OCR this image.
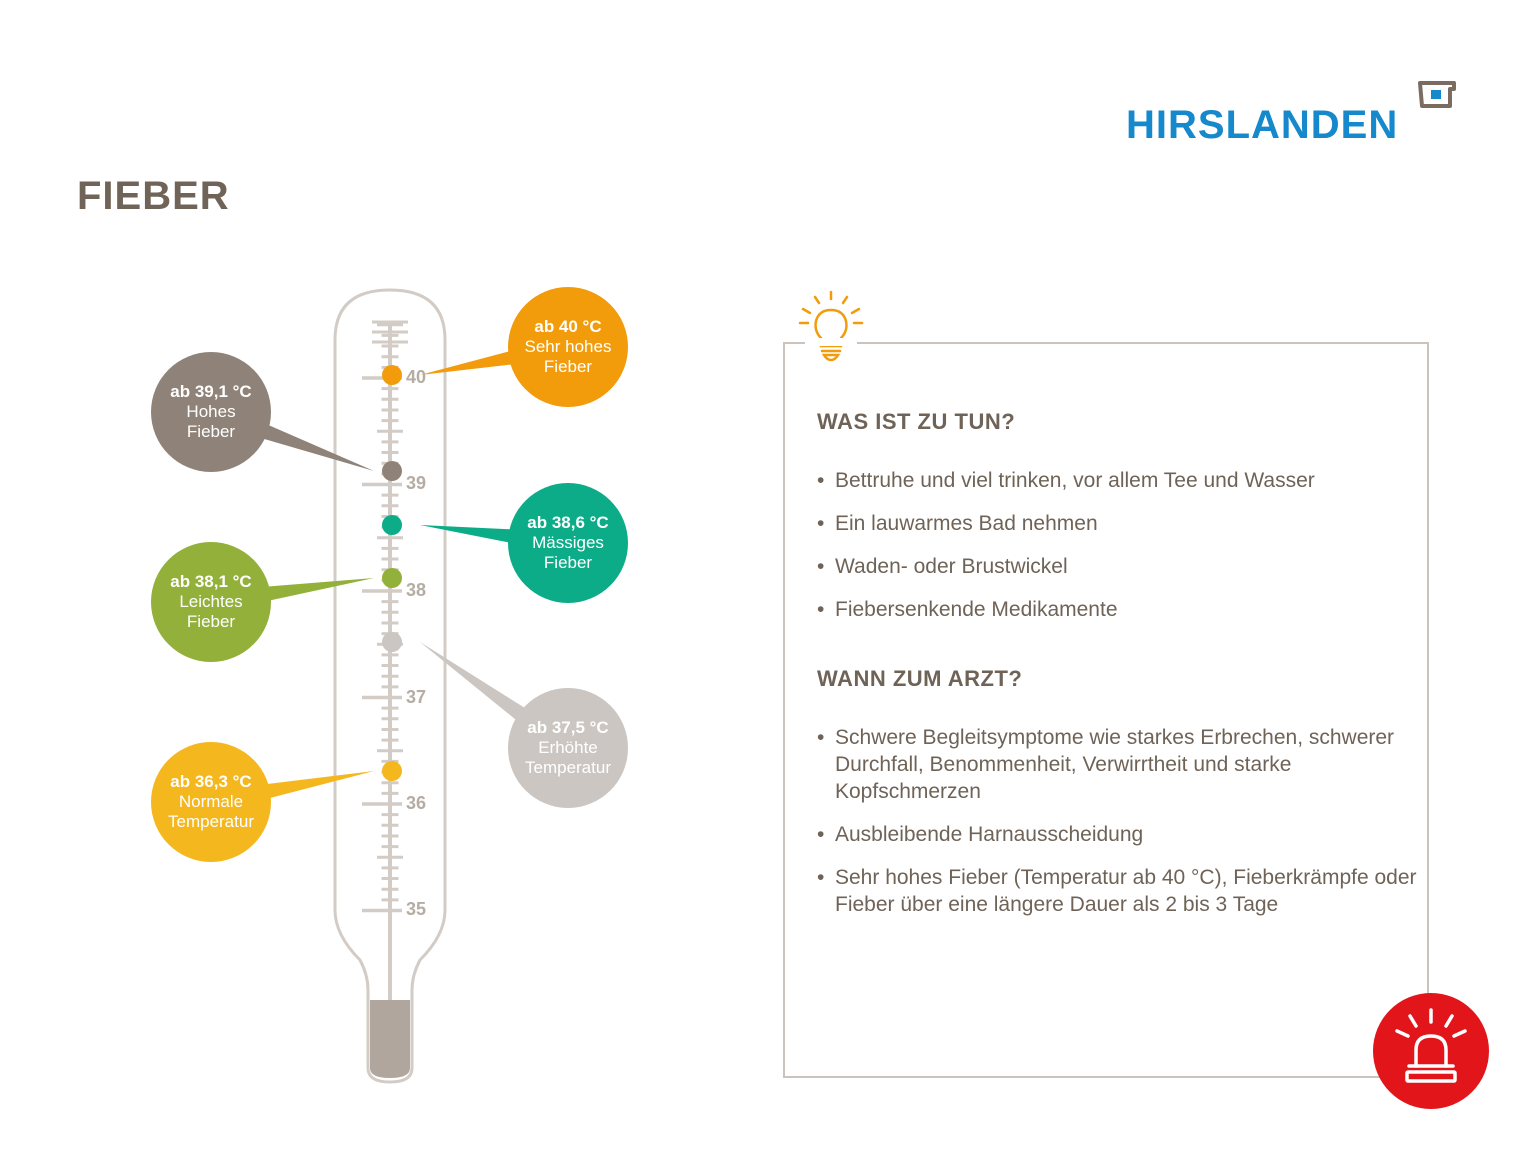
HIRSLANDEN
FIEBER
40
39
38
37
36
35
ab 40 °C
Sehr hohes
Fieber
ab 39,1 °C
Hohes
Fieber
ab 38,6 °C
Mässiges
Fieber
ab 38,1 °C
Leichtes
Fieber
ab 37,5 °C
Erhöhte
Temperatur
ab 36,3 °C
Normale
Temperatur
WAS IST ZU TUN?
• Bettruhe und viel trinken, vor allem Tee und Wasser
• Ein lauwarmes Bad nehmen
• Waden- oder Brustwickel
• Fiebersenkende Medikamente
WANN ZUM ARZT?
• Schwere Begleitsymptome wie starkes Erbrechen, schwerer Durchfall, Benommenheit, Verwirrtheit und starke Kopfschmerzen
• Ausbleibende Harnausscheidung
• Sehr hohes Fieber (Temperatur ab 40 °C), Fieberkrämpfe oder Fieber über eine längere Dauer als 2 bis 3 Tage
